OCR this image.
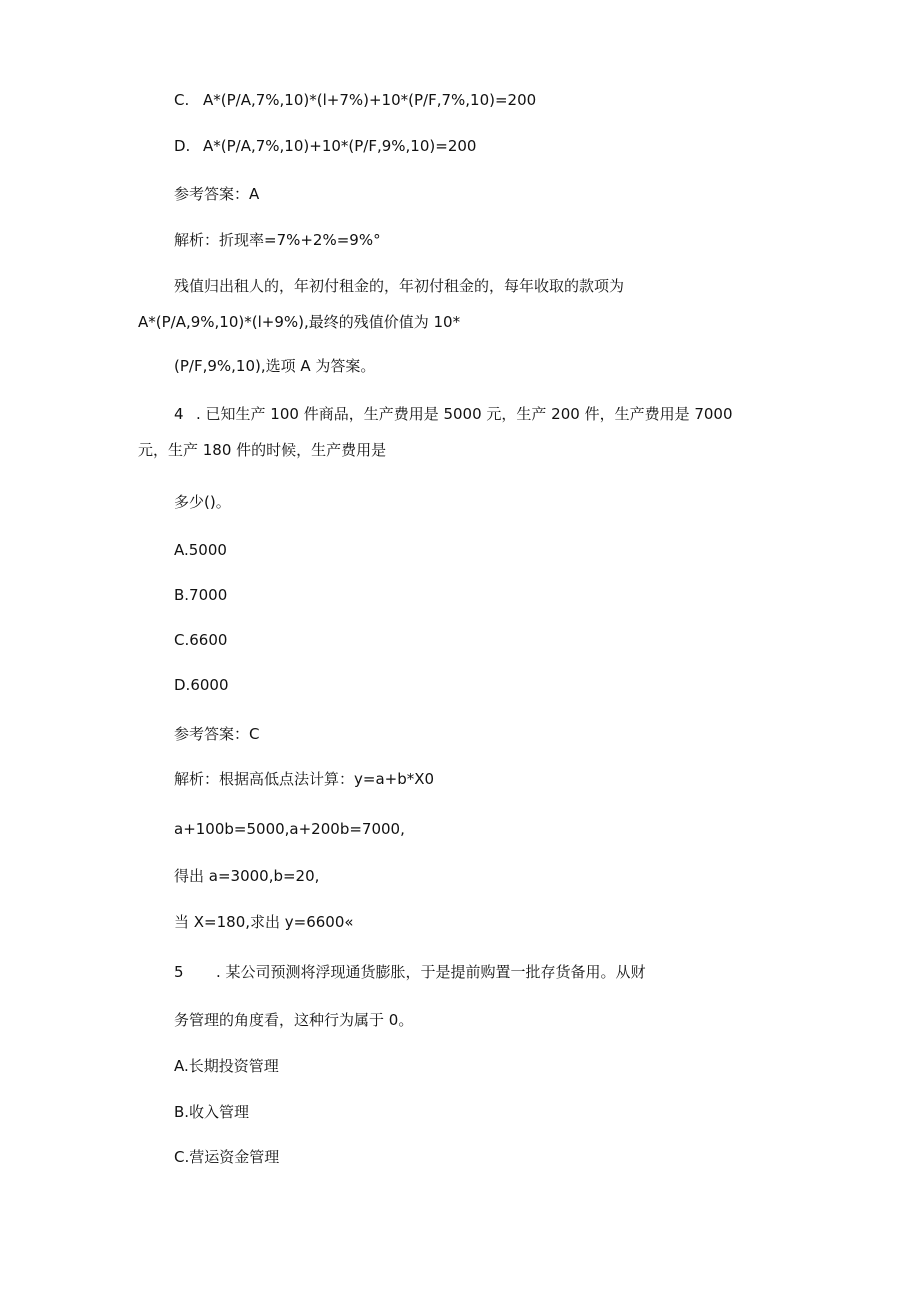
C. A*(P/A,7%,10)*(l+7%)+10*(P/F,7%,10)=200

D. A*(P/A,7%,10)+10*(P/F,9%,10)=200

参考答案：A

解析：折现率=7%+2%=9%°

残值归出租人的，年初付租金的，年初付租金的，每年收取的款项为

A*(P/A,9%,10)*(l+9%),最终的残值价值为 10*

(P/F,9%,10),选项 A 为答案。

4 . 已知生产 100 件商品，生产费用是 5000 元，生产 200 件，生产费用是 7000

元，生产 180 件的时候，生产费用是

多少()。

A.5000

B.7000

C.6600

D.6000

参考答案：C

解析：根据高低点法计算：y=a+b*X0

a+100b=5000,a+200b=7000,

得出 a=3000,b=20,

当 X=180,求出 y=6600«

5 . 某公司预测将浮现通货膨胀，于是提前购置一批存货备用。从财

务管理的角度看，这种行为属于 0。

A.长期投资管理

B.收入管理

C.营运资金管理
